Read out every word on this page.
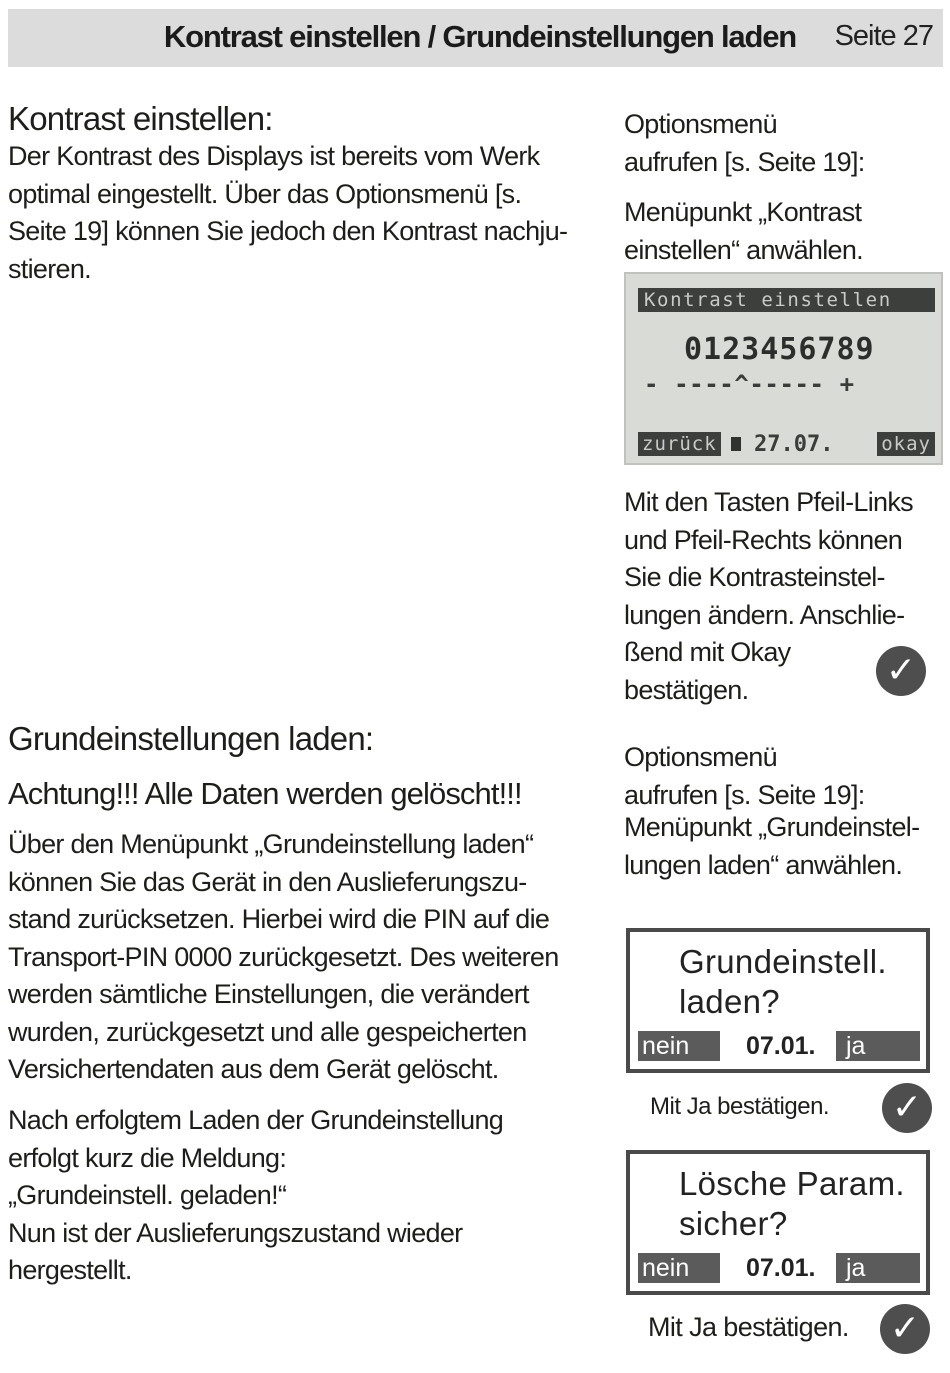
Kontrast einstellen / Grundeinstellungen laden Seite 27
Kontrast einstellen:

Der Kontrast des Displays ist bereits vom Werk

optimal eingestellt. Über das Optionsmenü [s.

Seite 19] können Sie jedoch den Kontrast nachju-

stieren.

Grundeinstellungen laden:
Achtung!!! Alle Daten werden gelöscht!!!

Über den Menüpunkt „Grundeinstellung laden“

können Sie das Gerät in den Auslieferungszu-

stand zurücksetzen. Hierbei wird die PIN auf die

Transport-PIN 0000 zurückgesetzt. Des weiteren

werden sämtliche Einstellungen, die verändert

wurden, zurückgesetzt und alle gespeicherten

Versichertendaten aus dem Gerät gelöscht.

Nach erfolgtem Laden der Grundeinstellung

erfolgt kurz die Meldung:

„Grundeinstell. geladen!“

Nun ist der Auslieferungszustand wieder

hergestellt.

Optionsmenü

aufrufen [s. Seite 19]:

Menüpunkt „Kontrast

einstellen“ anwählen.

Kontrast einstellen
0123456789
- ----^----- +
zurück 27.07.	okay

Mit den Tasten Pfeil-Links

und Pfeil-Rechts können

Sie die Kontrasteinstel-

lungen ändern. Anschlie-

ßend mit Okay

bestätigen.	✓

Optionsmenü

aufrufen [s. Seite 19]:

Menüpunkt „Grundeinstel-

lungen laden“ anwählen.

Grundeinstell.
laden?
nein	07.01.	ja
Mit Ja bestätigen. ✓
Lösche Param.
sicher?
nein	07.01.	ja
Mit Ja bestätigen. ✓
